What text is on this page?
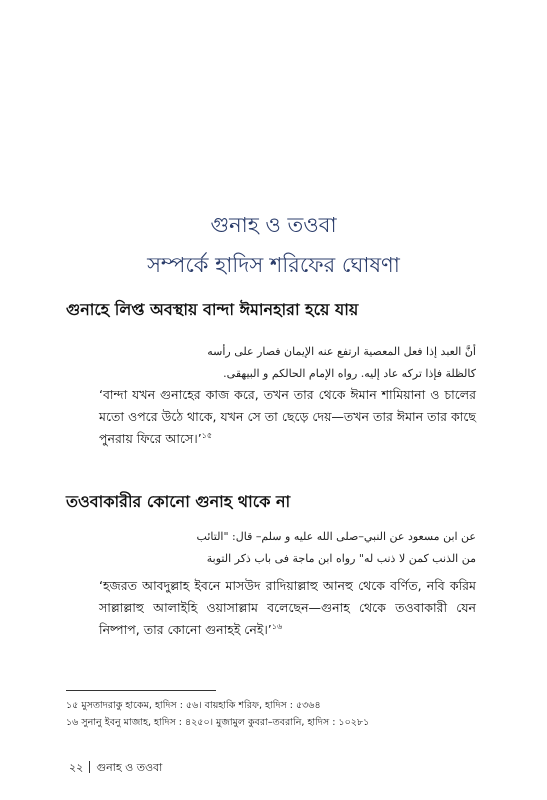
গুনাহ ও তওবা
সম্পর্কে হাদিস শরিফের ঘোষণা
গুনাহে লিপ্ত অবস্থায় বান্দা ঈমানহারা হয়ে যায়
أنَّ العبد إذا فعل المعصية ارتفع عنه الإيمان فصار على رأسه
كالظلة فإذا تركه عاد إليه. رواه الإمام الحالكم و البيهقى.
‘বান্দা যখন গুনাহের কাজ করে, তখন তার থেকে ঈমান শামিয়ানা ও চালের মতো ওপরে উঠে থাকে, যখন সে তা ছেড়ে দেয়—তখন তার ঈমান তার কাছে পুনরায় ফিরে আসে।’$^{১৫}$
তওবাকারীর কোনো গুনাহ থাকে না
عن ابن مسعود عن النبي–صلى الله عليه و سلم– قال: "التائب
من الذنب كمن لا ذنب له" رواه ابن ماجة فى باب ذكر التوبة
‘হজরত আবদুল্লাহ ইবনে মাসউদ রাদিয়াল্লাহু আনহু থেকে বর্ণিত, নবি করিম সাল্লাল্লাহু আলাইহি ওয়াসাল্লাম বলেছেন—গুনাহ থেকে তওবাকারী যেন নিষ্পাপ, তার কোনো গুনাহই নেই।’$^{১৬}$
১৫ মুসতাদরাকু হাকেম, হাদিস : ৫৬। বায়হাকি শরিফ, হাদিস : ৫৩৬৪
১৬ সুনানু ইবনু মাজাহ, হাদিস : ৪২৫০। মুজামুল কুবরা–তবরানি, হাদিস : ১০২৮১
২২ গুনাহ ও তওবা
